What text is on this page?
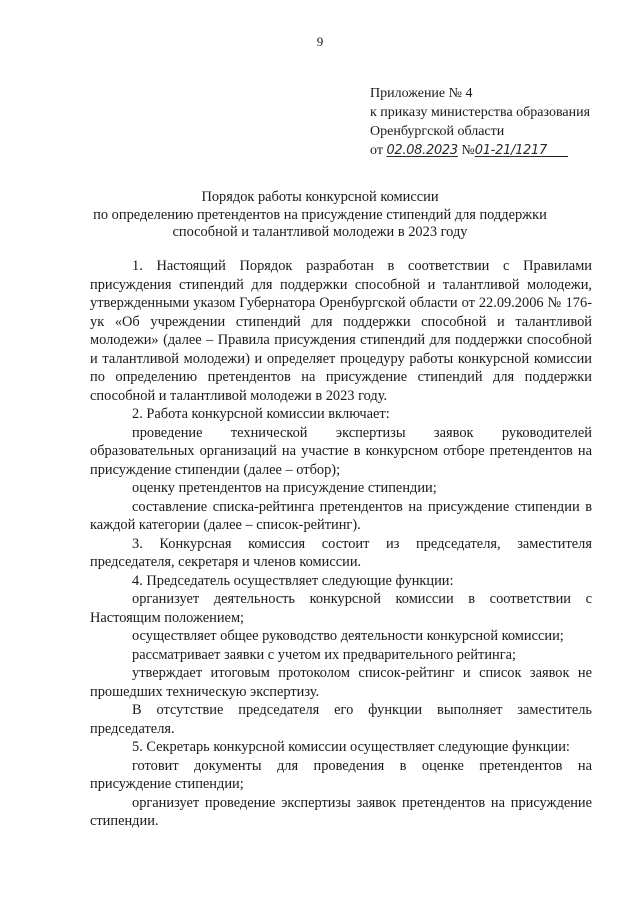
9
Приложение № 4
к приказу министерства образования
Оренбургской области
от 02.08.2023 №01-21/1217
Порядок работы конкурсной комиссии
по определению претендентов на присуждение стипендий для поддержки
способной и талантливой молодежи в 2023 году

1. Настоящий Порядок разработан в соответствии с Правилами присуждения стипендий для поддержки способной и талантливой молодежи, утвержденными указом Губернатора Оренбургской области от 22.09.2006 № 176-ук «Об учреждении стипендий для поддержки способной и талантливой молодежи» (далее – Правила присуждения стипендий для поддержки способной и талантливой молодежи) и определяет процедуру работы конкурсной комиссии по определению претендентов на присуждение стипендий для поддержки способной и талантливой молодежи в 2023 году.

2. Работа конкурсной комиссии включает:

проведение технической экспертизы заявок руководителей образовательных организаций на участие в конкурсном отборе претендентов на присуждение стипендии (далее – отбор);

оценку претендентов на присуждение стипендии;

составление списка-рейтинга претендентов на присуждение стипендии в каждой категории (далее – список-рейтинг).

3. Конкурсная комиссия состоит из председателя, заместителя председателя, секретаря и членов комиссии.

4. Председатель осуществляет следующие функции:

организует деятельность конкурсной комиссии в соответствии с Настоящим положением;

осуществляет общее руководство деятельности конкурсной комиссии;

рассматривает заявки с учетом их предварительного рейтинга;

утверждает итоговым протоколом список-рейтинг и список заявок не прошедших техническую экспертизу.

В отсутствие председателя его функции выполняет заместитель председателя.

5. Секретарь конкурсной комиссии осуществляет следующие функции:

готовит документы для проведения в оценке претендентов на присуждение стипендии;

организует проведение экспертизы заявок претендентов на присуждение стипендии.
